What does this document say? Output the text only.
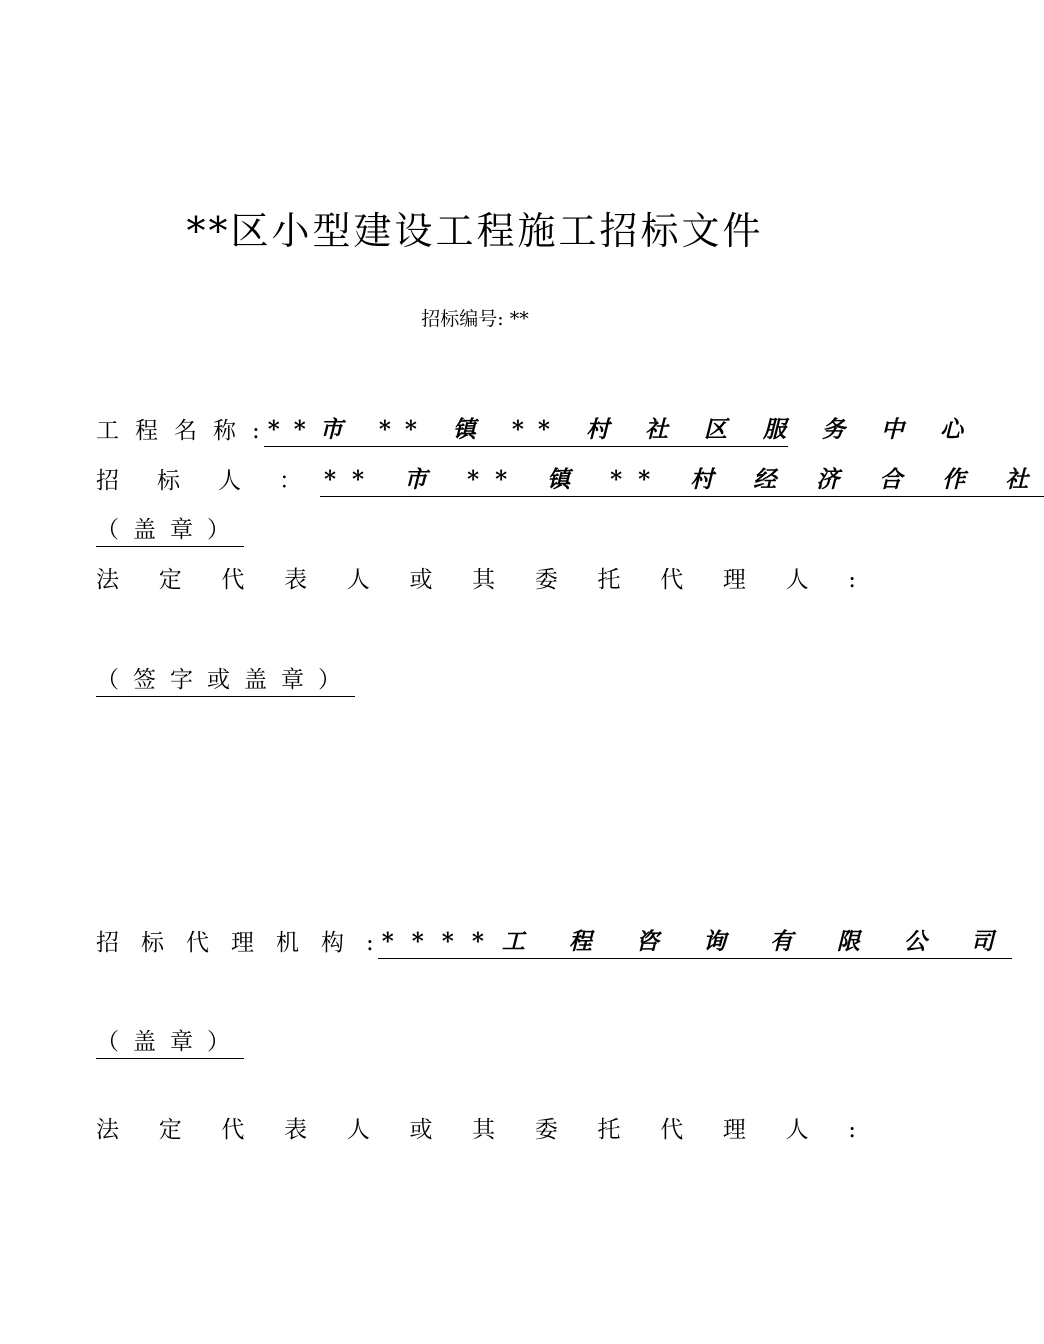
**区小型建设工程施工招标文件
招标编号: **
工程名称 : **市 ** 镇 ** 村 社 区 服 务 中 心
招标人 ： ** 市 ** 镇 ** 村 经 济 合 作 社
（盖章）
法 定 代 表 人 或 其 委 托 代 理 人 :
（签字或盖章）
招标代理机构 : ****工 程 咨 询 有 限 公 司
（盖章）
法 定 代 表 人 或 其 委 托 代 理 人 :
